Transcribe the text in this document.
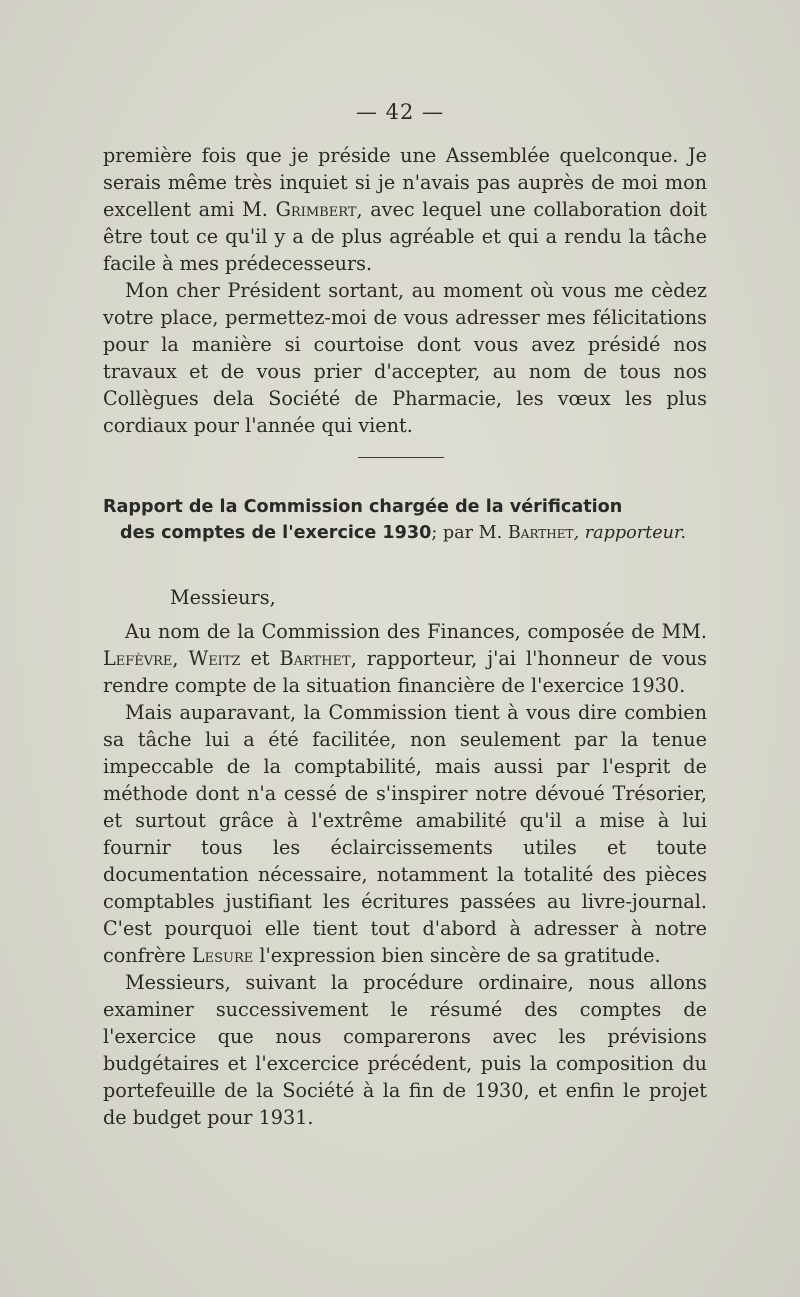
— 42 —

première fois que je préside une Assemblée quelconque. Je serais même très inquiet si je n'avais pas auprès de moi mon excellent ami M. Grimbert, avec lequel une collaboration doit être tout ce qu'il y a de plus agréable et qui a rendu la tâche facile à mes prédecesseurs.

Mon cher Président sortant, au moment où vous me cèdez votre place, permettez-moi de vous adresser mes félicitations pour la manière si courtoise dont vous avez présidé nos travaux et de vous prier d'accepter, au nom de tous nos Collègues dela Société de Pharmacie, les vœux les plus cordiaux pour l'année qui vient.

Rapport de la Commission chargée de la vérification
des comptes de l'exercice 1930; par M. Barthet, rapporteur.
Messieurs,

Au nom de la Commission des Finances, composée de MM. Lefèvre, Weitz et Barthet, rapporteur, j'ai l'honneur de vous rendre compte de la situation financière de l'exercice 1930.

Mais auparavant, la Commission tient à vous dire combien sa tâche lui a été facilitée, non seulement par la tenue impeccable de la comptabilité, mais aussi par l'esprit de méthode dont n'a cessé de s'inspirer notre dévoué Trésorier, et surtout grâce à l'extrême amabilité qu'il a mise à lui fournir tous les éclaircissements utiles et toute documentation nécessaire, notamment la totalité des pièces comptables justifiant les écritures passées au livre-journal. C'est pourquoi elle tient tout d'abord à adresser à notre confrère Lesure l'expression bien sincère de sa gratitude.

Messieurs, suivant la procédure ordinaire, nous allons examiner successivement le résumé des comptes de l'exercice que nous comparerons avec les prévisions budgétaires et l'excercice précédent, puis la composition du portefeuille de la Société à la fin de 1930, et enfin le projet de budget pour 1931.
